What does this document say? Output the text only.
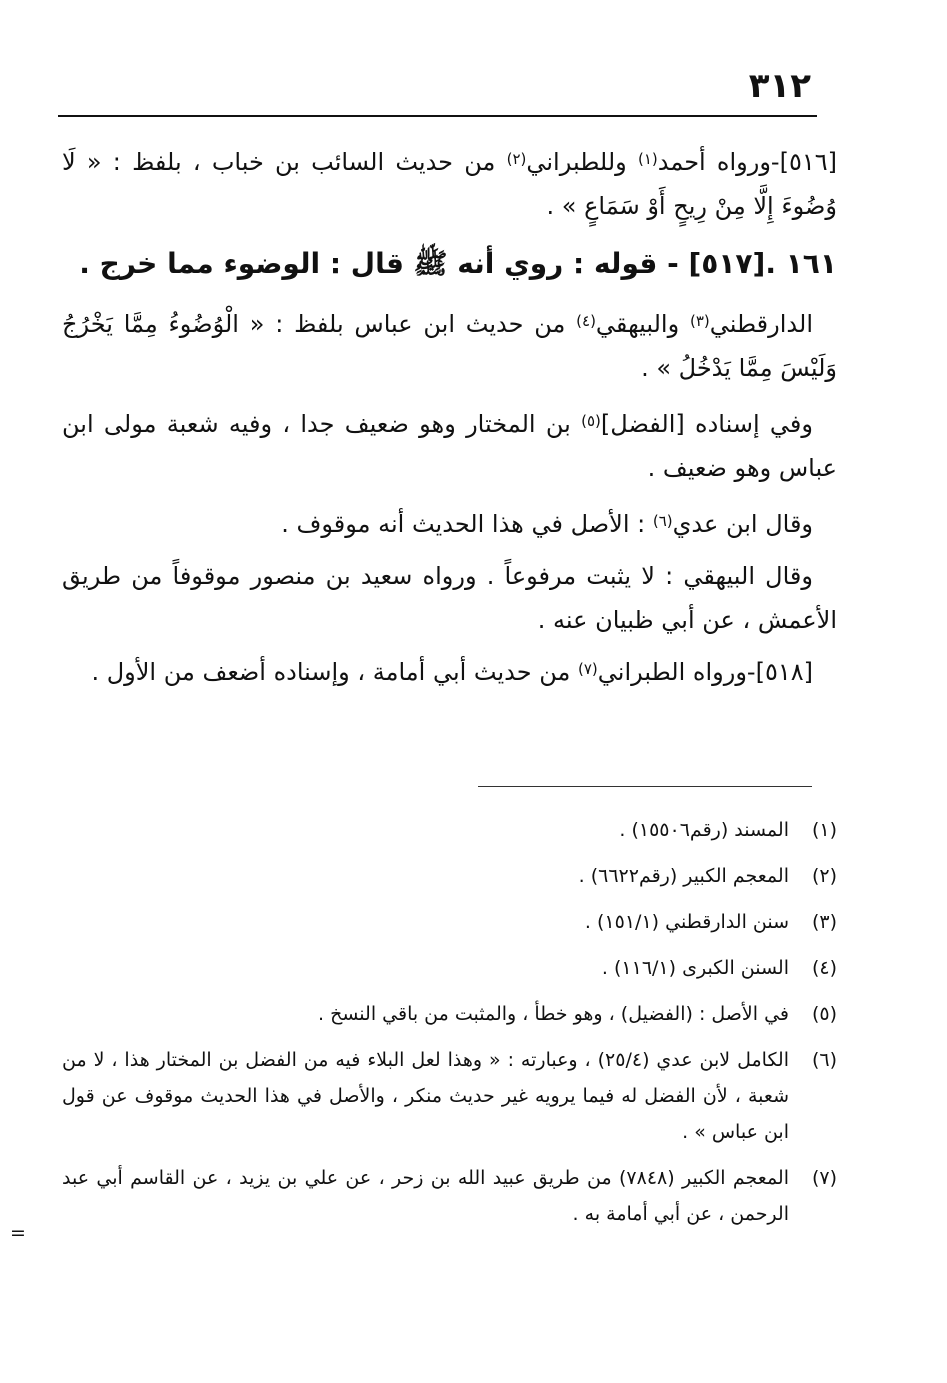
٣١٢

[٥١٦]-ورواه أحمد$^{(١)}$ وللطبراني$^{(٢)}$ من حديث السائب بن خباب ، بلفظ : « لَا وُضُوءَ إِلَّا مِنْ رِيحٍ أَوْ سَمَاعٍ » .

١٦١ .[٥١٧] - قوله : روي أنه ﷺ قال : الوضوء مما خرج .

الدارقطني$^{(٣)}$ والبيهقي$^{(٤)}$ من حديث ابن عباس بلفظ : « الْوُضُوءُ مِمَّا يَخْرُجُ وَلَيْسَ مِمَّا يَدْخُلُ » .

وفي إسناده [الفضل]$^{(٥)}$ بن المختار وهو ضعيف جدا ، وفيه شعبة مولى ابن عباس وهو ضعيف .

وقال ابن عدي$^{(٦)}$ : الأصل في هذا الحديث أنه موقوف .

وقال البيهقي : لا يثبت مرفوعاً . ورواه سعيد بن منصور موقوفاً من طريق الأعمش ، عن أبي ظبيان عنه .

[٥١٨]-ورواه الطبراني$^{(٧)}$ من حديث أبي أمامة ، وإسناده أضعف من الأول .

(١)
المسند (رقم١٥٥٠٦) .
(٢)
المعجم الكبير (رقم٦٦٢٢) .
(٣)
سنن الدارقطني (١٥١/١) .
(٤)
السنن الكبرى (١١٦/١) .
(٥)
في الأصل : (الفضيل) ، وهو خطأ ، والمثبت من باقي النسخ .
(٦)
الكامل لابن عدي (٢٥/٤) ، وعبارته : « وهذا لعل البلاء فيه من الفضل بن المختار هذا ، لا من شعبة ، لأن الفضل له فيما يرويه غير حديث منكر ، والأصل في هذا الحديث موقوف عن قول ابن عباس » .
(٧)
المعجم الكبير (٧٨٤٨) من طريق عبيد الله بن زحر ، عن علي بن يزيد ، عن القاسم أبي عبد الرحمن ، عن أبي أمامة به .
=
